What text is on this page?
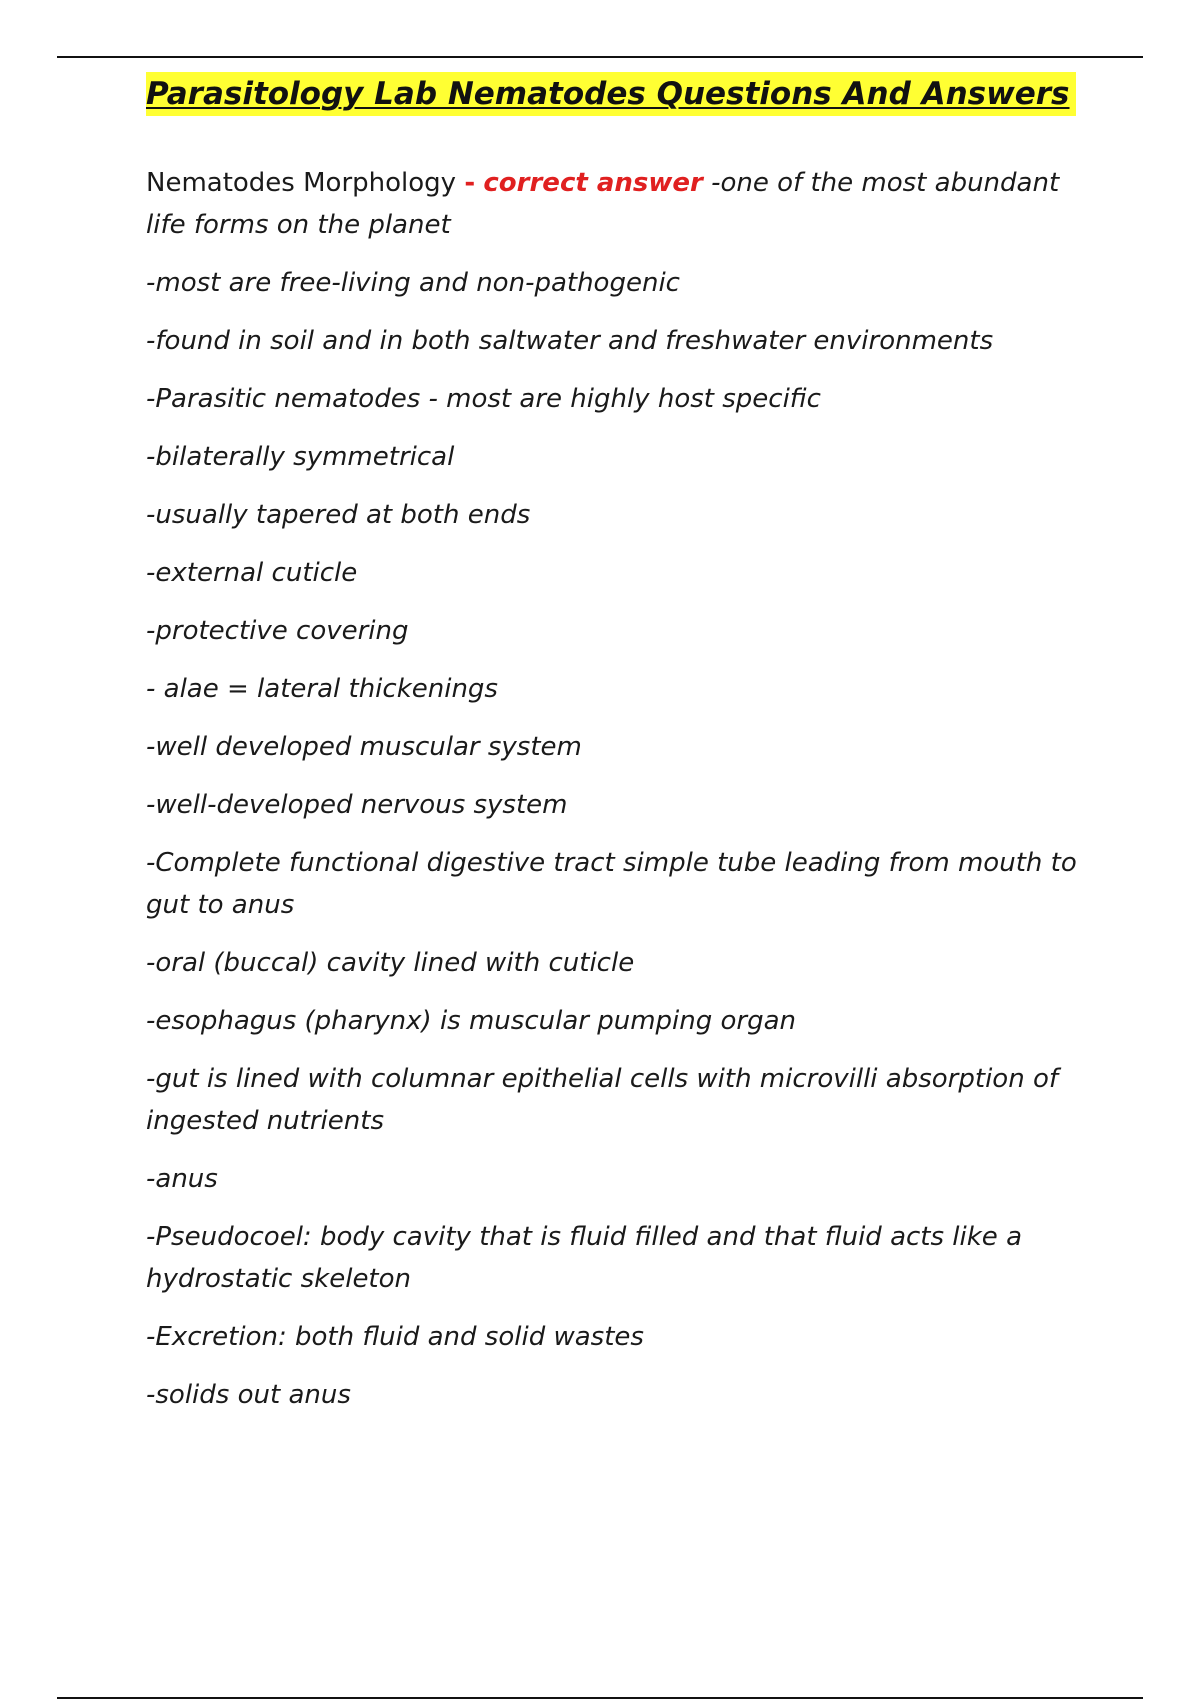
Parasitology Lab Nematodes Questions And Answers

Nematodes Morphology - correct answer -one of the most abundant life forms on the planet

-most are free-living and non-pathogenic

-found in soil and in both saltwater and freshwater environments

-Parasitic nematodes - most are highly host specific

-bilaterally symmetrical

-usually tapered at both ends

-external cuticle

-protective covering

- alae = lateral thickenings

-well developed muscular system

-well-developed nervous system

-Complete functional digestive tract simple tube leading from mouth to gut to anus

-oral (buccal) cavity lined with cuticle

-esophagus (pharynx) is muscular pumping organ

-gut is lined with columnar epithelial cells with microvilli absorption of ingested nutrients

-anus

-Pseudocoel: body cavity that is fluid filled and that fluid acts like a hydrostatic skeleton

-Excretion: both fluid and solid wastes

-solids out anus
